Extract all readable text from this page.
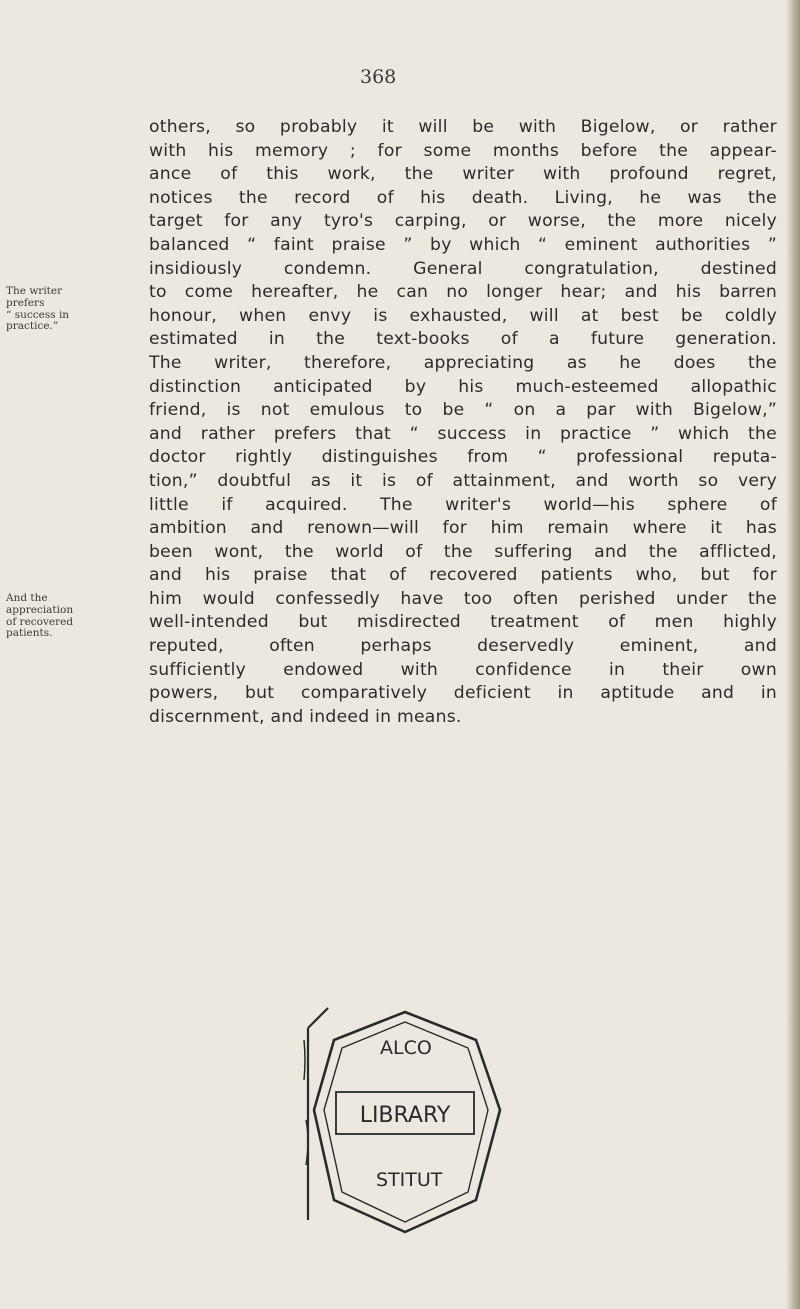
368
The writer
prefers
“ success in
practice.”
And the
appreciation
of recovered
patients.
others, so probably it will be with Bigelow, or rather
with his memory ; for some months before the appear-
ance of this work, the writer with profound regret,
notices the record of his death. Living, he was the
target for any tyro's carping, or worse, the more nicely
balanced “ faint praise ” by which “ eminent authorities ”
insidiously condemn. General congratulation, destined
to come hereafter, he can no longer hear; and his barren
honour, when envy is exhausted, will at best be coldly
estimated in the text-books of a future generation.
The writer, therefore, appreciating as he does the
distinction anticipated by his much-esteemed allopathic
friend, is not emulous to be “ on a par with Bigelow,”
and rather prefers that “ success in practice ” which the
doctor rightly distinguishes from “ professional reputa-
tion,” doubtful as it is of attainment, and worth so very
little if acquired. The writer's world—his sphere of
ambition and renown—will for him remain where it has
been wont, the world of the suffering and the afflicted,
and his praise that of recovered patients who, but for
him would confessedly have too often perished under the
well-intended but misdirected treatment of men highly
reputed, often perhaps deservedly eminent, and
sufficiently endowed with confidence in their own
powers, but comparatively deficient in aptitude and in
discernment, and indeed in means.
ALCO
LIBRARY
STITUT
